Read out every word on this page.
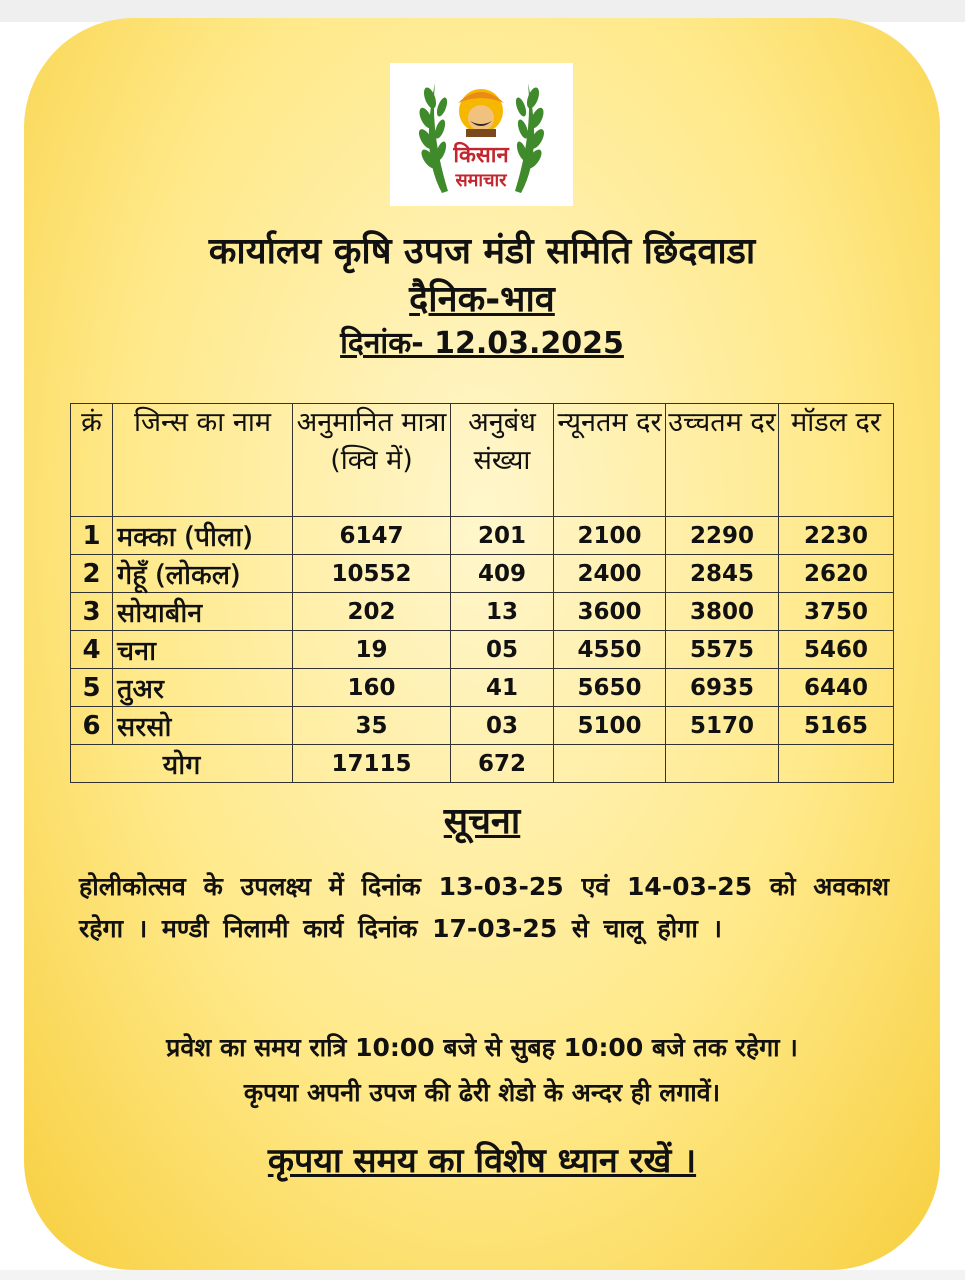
किसान
समाचार
कार्यालय कृषि उपज मंडी समिति छिंदवाडा
दैनिक-भाव
दिनांक- 12.03.2025
क्रं	जिन्स का नाम	अनुमानित मात्रा (क्वि में)	अनुबंध संख्या	न्यूनतम दर	उच्चतम दर	मॉडल दर
1	मक्का (पीला)	6147	201	2100	2290	2230
2	गेहूँ (लोकल)	10552	409	2400	2845	2620
3	सोयाबीन	202	13	3600	3800	3750
4	चना	19	05	4550	5575	5460
5	तुअर	160	41	5650	6935	6440
6	सरसो	35	03	5100	5170	5165
योग		17115	672			
सूचना
होलीकोत्सव के उपलक्ष्य में दिनांक 13-03-25 एवं 14-03-25 को अवकाश रहेगा । मण्डी निलामी कार्य दिनांक 17-03-25 से चालू होगा ।
प्रवेश का समय रात्रि 10:00 बजे से सुबह 10:00 बजे तक रहेगा ।
कृपया अपनी उपज की ढेरी शेडो के अन्दर ही लगावें।
कृपया समय का विशेष ध्यान रखें ।
